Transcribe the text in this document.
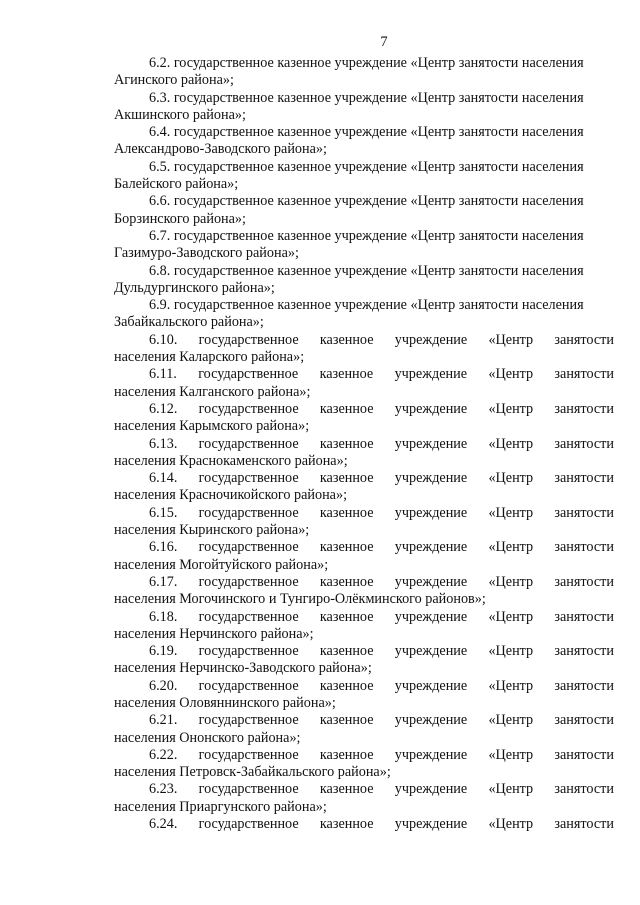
7
6.2. государственное казенное учреждение «Центр занятости населения
Агинского района»;
6.3. государственное казенное учреждение «Центр занятости населения
Акшинского района»;
6.4. государственное казенное учреждение «Центр занятости населения
Александрово-Заводского района»;
6.5. государственное казенное учреждение «Центр занятости населения
Балейского района»;
6.6. государственное казенное учреждение «Центр занятости населения
Борзинского района»;
6.7. государственное казенное учреждение «Центр занятости населения
Газимуро-Заводского района»;
6.8. государственное казенное учреждение «Центр занятости населения
Дульдургинского района»;
6.9. государственное казенное учреждение «Центр занятости населения
Забайкальского района»;
6.10. государственное казенное учреждение «Центр занятости
населения Каларского района»;
6.11. государственное казенное учреждение «Центр занятости
населения Калганского района»;
6.12. государственное казенное учреждение «Центр занятости
населения Карымского района»;
6.13. государственное казенное учреждение «Центр занятости
населения Краснокаменского района»;
6.14. государственное казенное учреждение «Центр занятости
населения Красночикойского района»;
6.15. государственное казенное учреждение «Центр занятости
населения Кыринского района»;
6.16. государственное казенное учреждение «Центр занятости
населения Могойтуйского района»;
6.17. государственное казенное учреждение «Центр занятости
населения Могочинского и Тунгиро-Олёкминского районов»;
6.18. государственное казенное учреждение «Центр занятости
населения Нерчинского района»;
6.19. государственное казенное учреждение «Центр занятости
населения Нерчинско-Заводского района»;
6.20. государственное казенное учреждение «Центр занятости
населения Оловяннинского района»;
6.21. государственное казенное учреждение «Центр занятости
населения Ононского района»;
6.22. государственное казенное учреждение «Центр занятости
населения Петровск-Забайкальского района»;
6.23. государственное казенное учреждение «Центр занятости
населения Приаргунского района»;
6.24. государственное казенное учреждение «Центр занятости
